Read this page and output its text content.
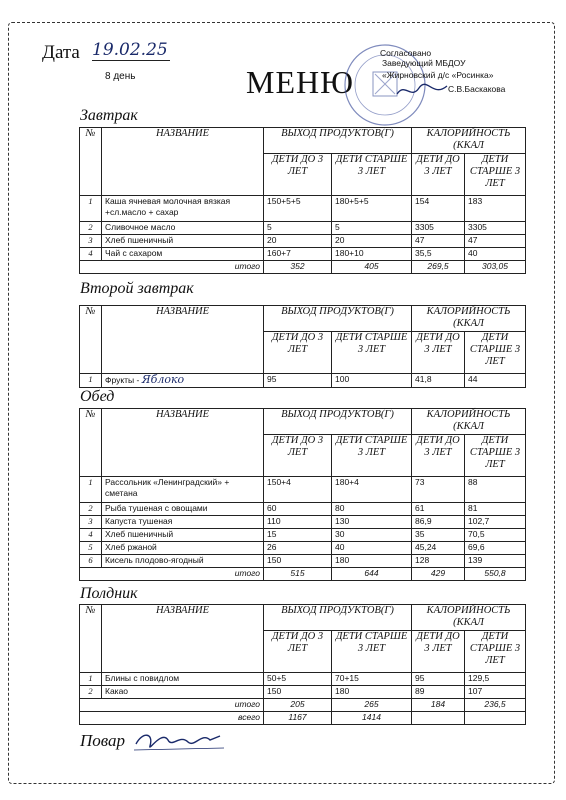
Дата 19.02.25
8 день	МЕНЮ
Согласовано
Заведующий МБДОУ
«Жирновский д/с «Росинка»
С.В.Баскакова
Завтрак
№	НАЗВАНИЕ	ВЫХОД ПРОДУКТОВ(Г)		КАЛОРИЙНОСТЬ (ККАЛ	
		ДЕТИ ДО 3 ЛЕТ	ДЕТИ СТАРШЕ 3 ЛЕТ	ДЕТИ ДО 3 ЛЕТ	ДЕТИ СТАРШЕ 3 ЛЕТ
1	Каша ячневая молочная вязкая +сл.масло + сахар	150+5+5	180+5+5	154	183
2	Сливочное масло	5	5	3305	3305
3	Хлеб пшеничный	20	20	47	47
4	Чай с сахаром	160+7	180+10	35,5	40
итого		352	405	269,5	303,05
Второй завтрак
№	НАЗВАНИЕ	ВЫХОД ПРОДУКТОВ(Г)		КАЛОРИЙНОСТЬ (ККАЛ	
		ДЕТИ ДО 3 ЛЕТ	ДЕТИ СТАРШЕ 3 ЛЕТ	ДЕТИ ДО 3 ЛЕТ	ДЕТИ СТАРШЕ 3 ЛЕТ
1	Фрукты - Яблоко	95	100	41,8	44
Обед
№	НАЗВАНИЕ	ВЫХОД ПРОДУКТОВ(Г)		КАЛОРИЙНОСТЬ (ККАЛ	
		ДЕТИ ДО 3 ЛЕТ	ДЕТИ СТАРШЕ 3 ЛЕТ	ДЕТИ ДО 3 ЛЕТ	ДЕТИ СТАРШЕ 3 ЛЕТ
1	Рассольник «Ленинградский» + сметана	150+4	180+4	73	88
2	Рыба тушеная с овощами	60	80	61	81
3	Капуста тушеная	110	130	86,9	102,7
4	Хлеб пшеничный	15	30	35	70,5
5	Хлеб ржаной	26	40	45,24	69,6
6	Кисель плодово-ягодный	150	180	128	139
итого		515	644	429	550,8
Полдник
№	НАЗВАНИЕ	ВЫХОД ПРОДУКТОВ(Г)		КАЛОРИЙНОСТЬ (ККАЛ	
		ДЕТИ ДО 3 ЛЕТ	ДЕТИ СТАРШЕ 3 ЛЕТ	ДЕТИ ДО 3 ЛЕТ	ДЕТИ СТАРШЕ 3 ЛЕТ
1	Блины с повидлом	50+5	70+15	95	129,5
2	Какао	150	180	89	107
итого		205	265	184	236,5
всего		1167	1414		
Повар
